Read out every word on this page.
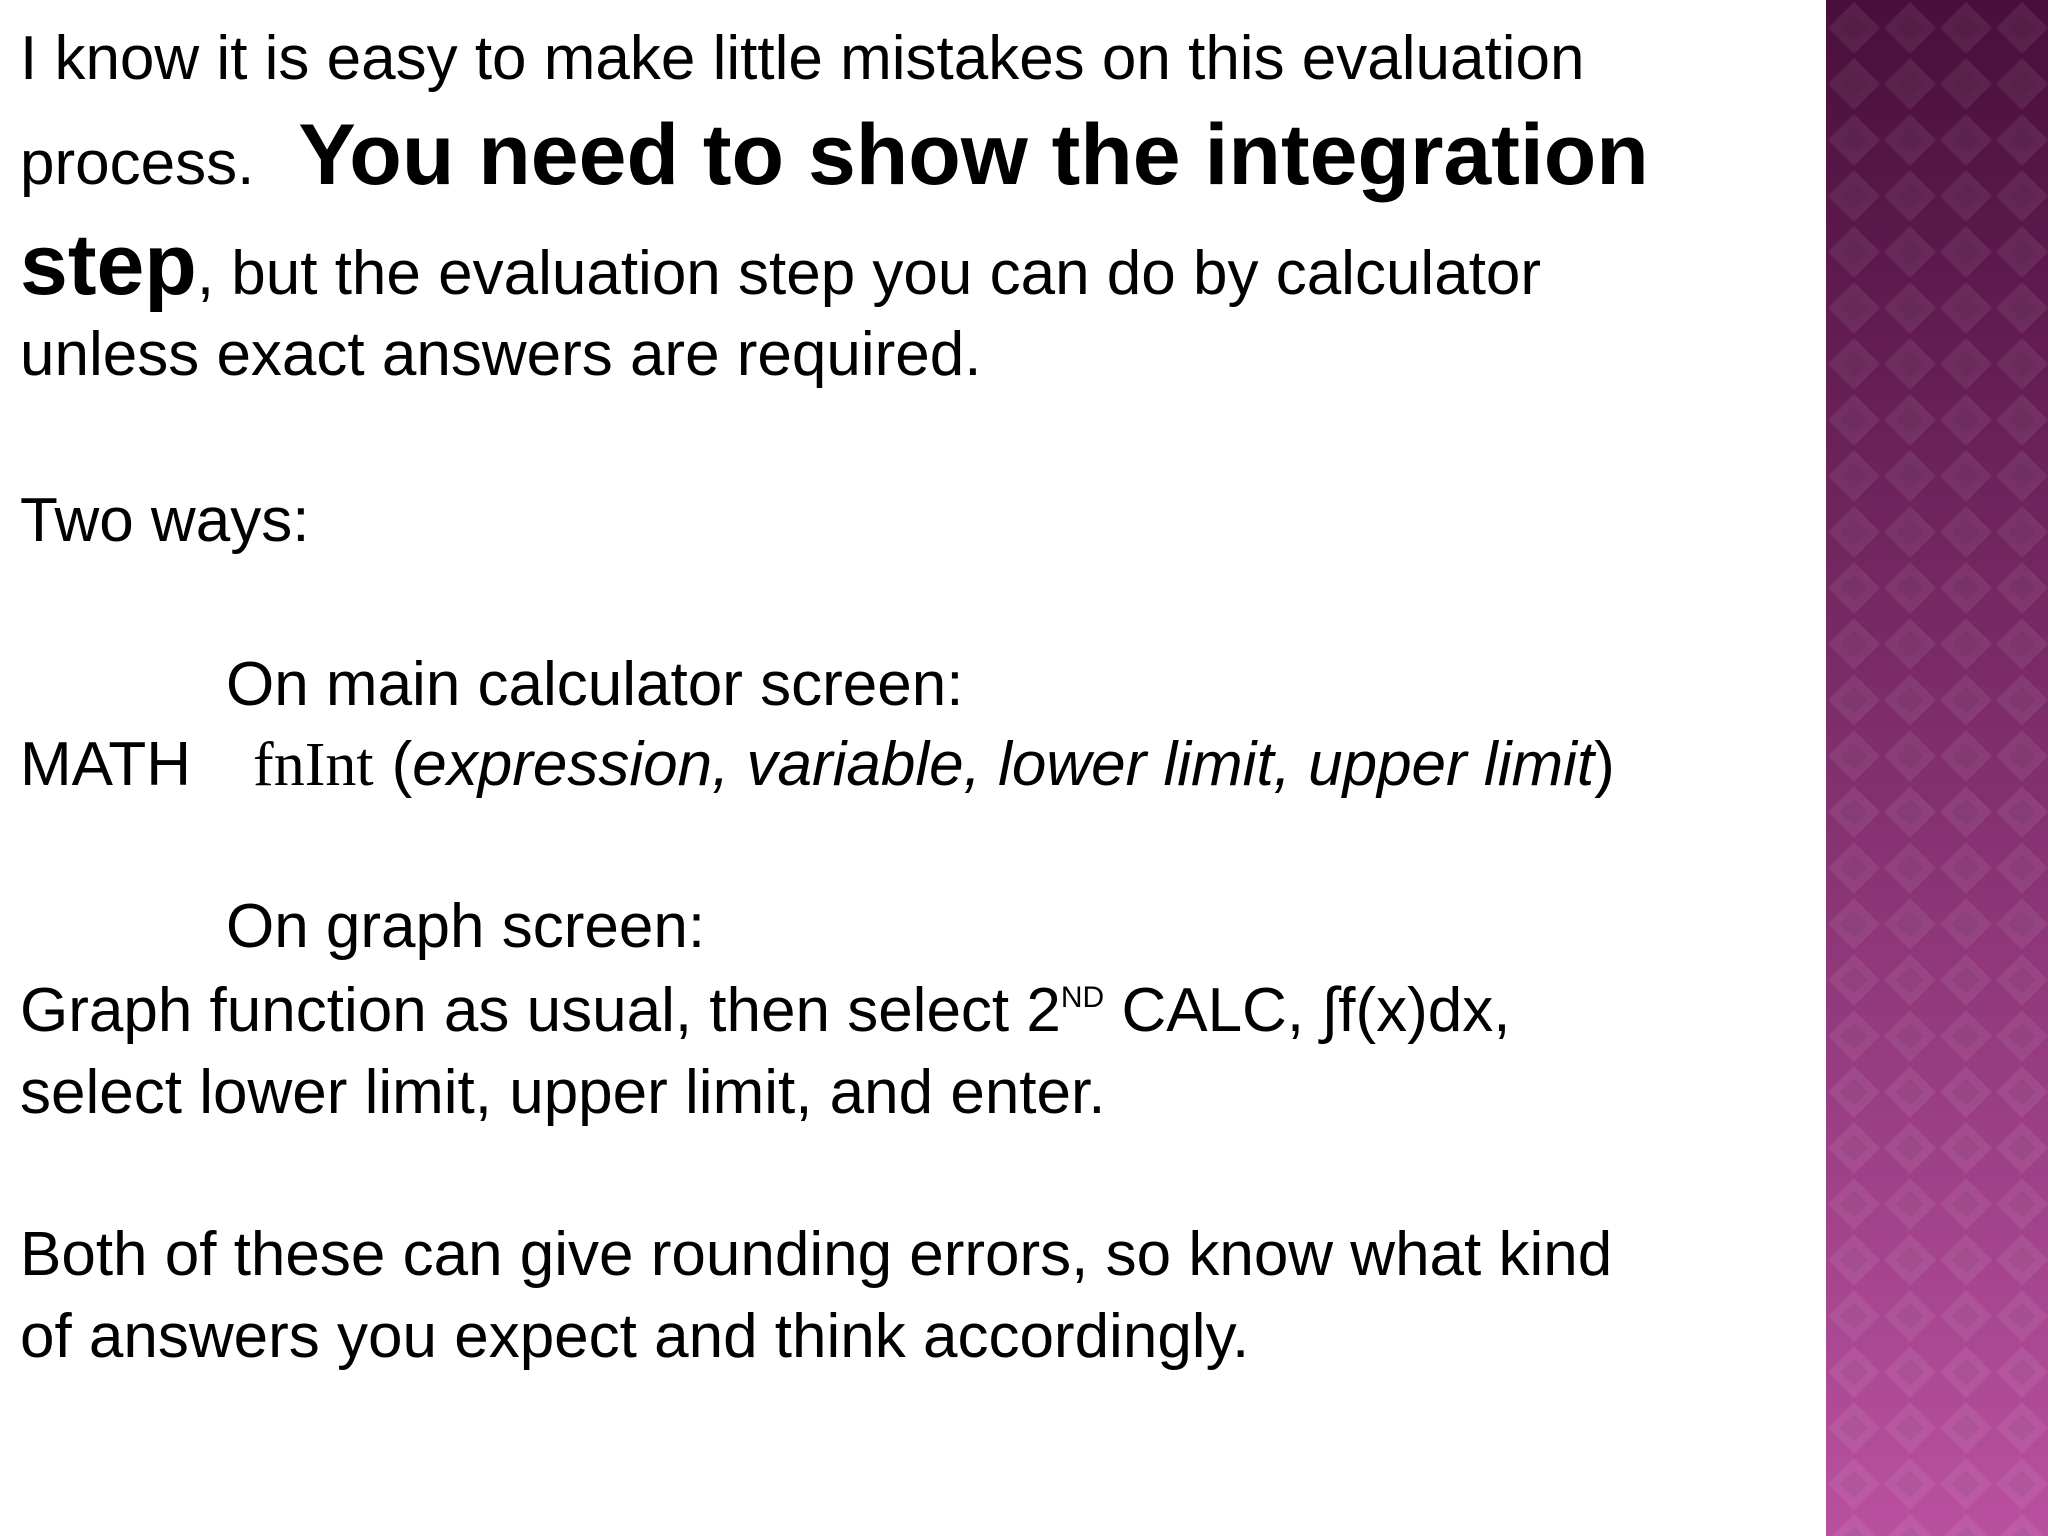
I know it is easy to make little mistakes on this evaluation

process. You need to show the integration

step, but the evaluation step you can do by calculator

unless exact answers are required.

Two ways:

On main calculator screen:

MATH fnInt (expression, variable, lower limit, upper limit)

On graph screen:

Graph function as usual, then select 2ND CALC, ∫f(x)dx,

select lower limit, upper limit, and enter.

Both of these can give rounding errors, so know what kind

of answers you expect and think accordingly.
